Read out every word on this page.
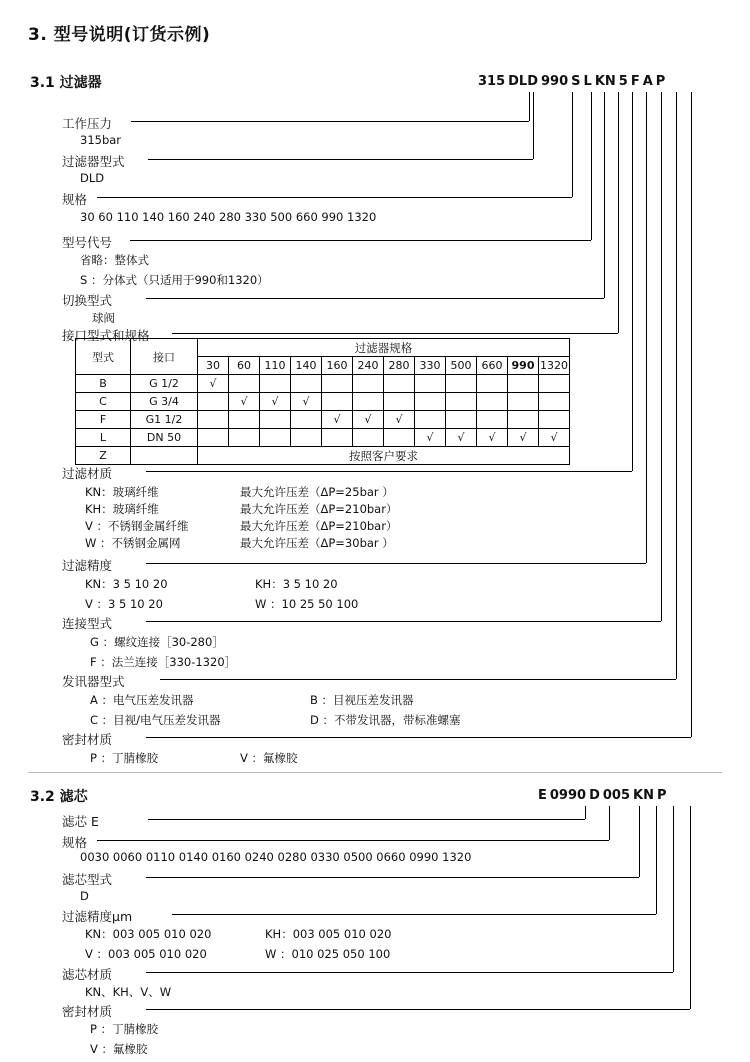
3. 型号说明(订货示例)
3.1 过滤器	315 DLD 990 S L KN 5 F A P
工作压力
315bar
过滤器型式
DLD
规格
30 60 110 140 160 240 280 330 500 660 990 1320
型号代号
省略：整体式
S ：分体式（只适用于990和1320）
切换型式
球阀
接口型式和规格
型式	接口	过滤器规格											
		30	60	110	140	160	240	280	330	500	660	990	1320
B	G 1/2	√											
C	G 3/4		√	√	√								
F	G1 1/2					√	√	√					
L	DN 50								√	√	√	√	√
Z		按照客户要求											
过滤材质
KN：玻璃纤维	最大允许压差（ΔP=25bar ）
KH：玻璃纤维	最大允许压差（ΔP=210bar）
V ：不锈钢金属纤维	最大允许压差（ΔP=210bar）
W ：不锈钢金属网	最大允许压差（ΔP=30bar ）
过滤精度
KN：3 5 10 20	KH：3 5 10 20
V ：3 5 10 20	W ：10 25 50 100
连接型式
G ：螺纹连接［30-280］
F ：法兰连接［330-1320］
发讯器型式
A ：电气压差发讯器	B ：目视压差发讯器
C ：目视/电气压差发讯器	D ：不带发讯器，带标准螺塞
密封材质
P ：丁腈橡胶	V ：氟橡胶
3.2 滤芯	E 0990 D 005 KN P
滤芯 E
规格
0030 0060 0110 0140 0160 0240 0280 0330 0500 0660 0990 1320
滤芯型式
D
过滤精度μm
KN：003 005 010 020	KH：003 005 010 020
V ：003 005 010 020	W ：010 025 050 100
滤芯材质
KN、KH、V、W
密封材质
P ：丁腈橡胶
V ：氟橡胶
